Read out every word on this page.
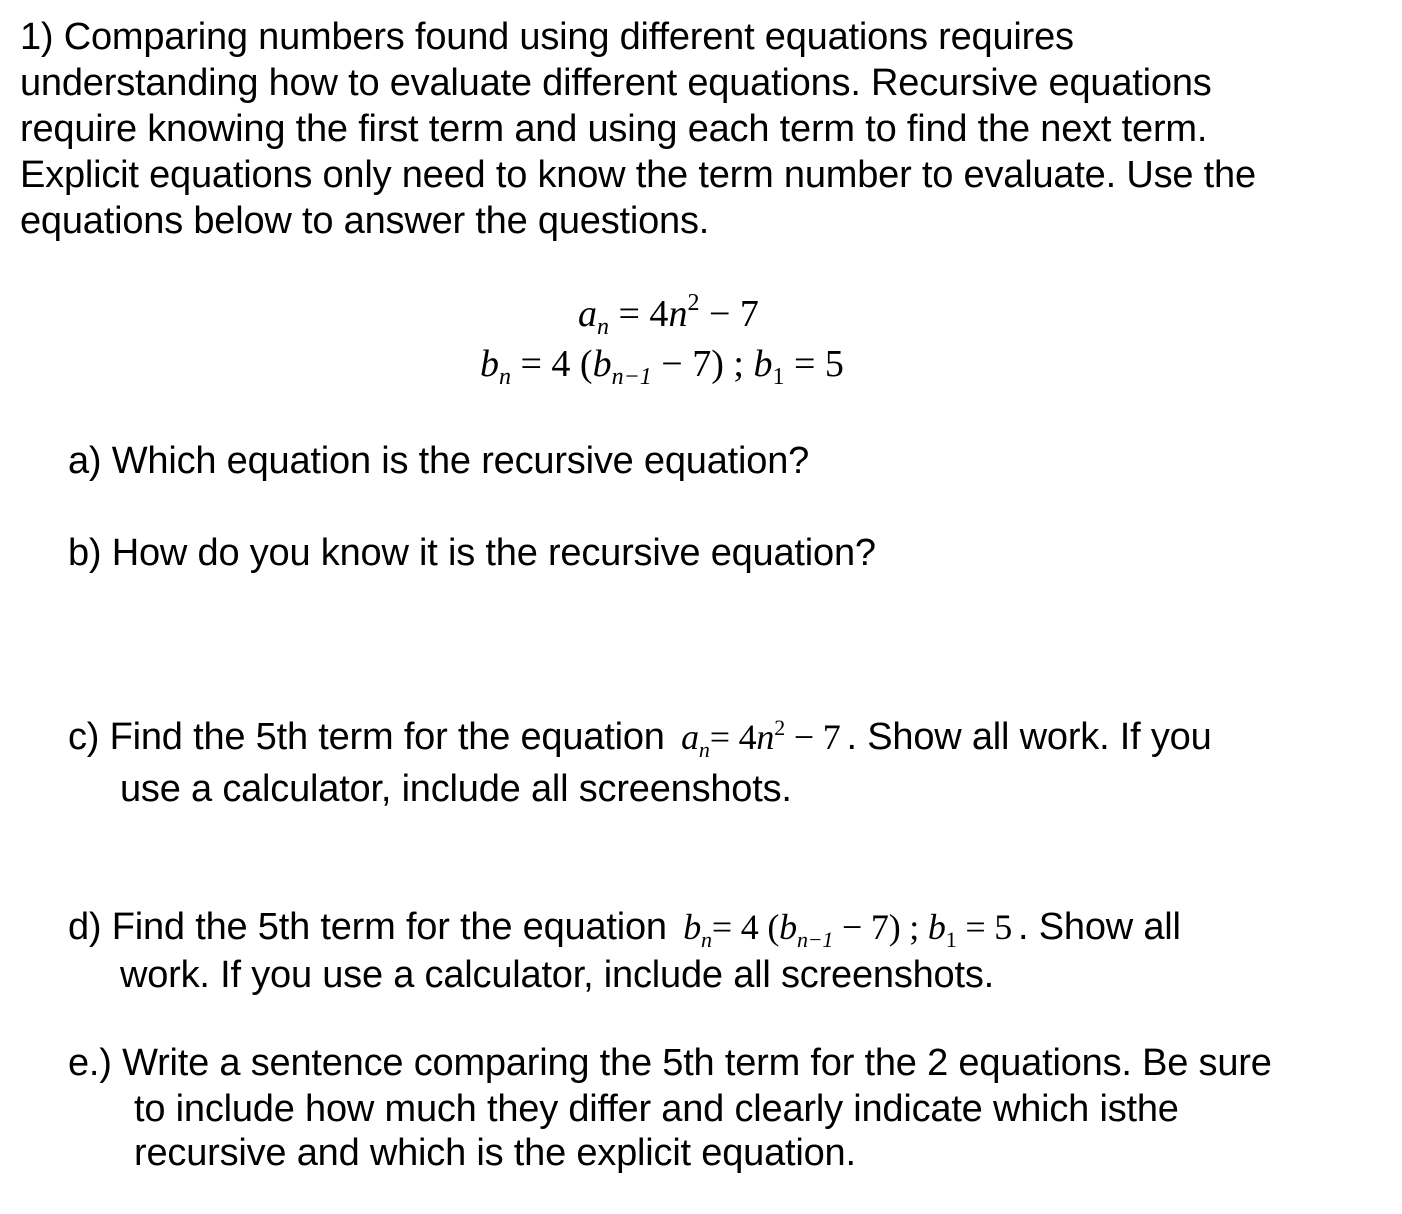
1) Comparing numbers found using different equations requires
understanding how to evaluate different equations. Recursive equations
require knowing the first term and using each term to find the next term.
Explicit equations only need to know the term number to evaluate. Use the
equations below to answer the questions.
$a_n = 4n^2 - 7$
$b_n = 4$ $(b_{n-1} - 7)$ ; $b_1 = 5$
a) Which equation is the recursive equation?
b) How do you know it is the recursive equation?
c) Find the 5th term for the equation $a_n= 4n^2 - 7$ . Show all work. If you
use a calculator, include all screenshots.
d) Find the 5th term for the equation $b_n= 4$ $(b_{n-1} - 7)$ ; $b_1 = 5$ . Show all
work. If you use a calculator, include all screenshots.
e.) Write a sentence comparing the 5th term for the 2 equations. Be sure
to include how much they differ and clearly indicate which isthe
recursive and which is the explicit equation.
